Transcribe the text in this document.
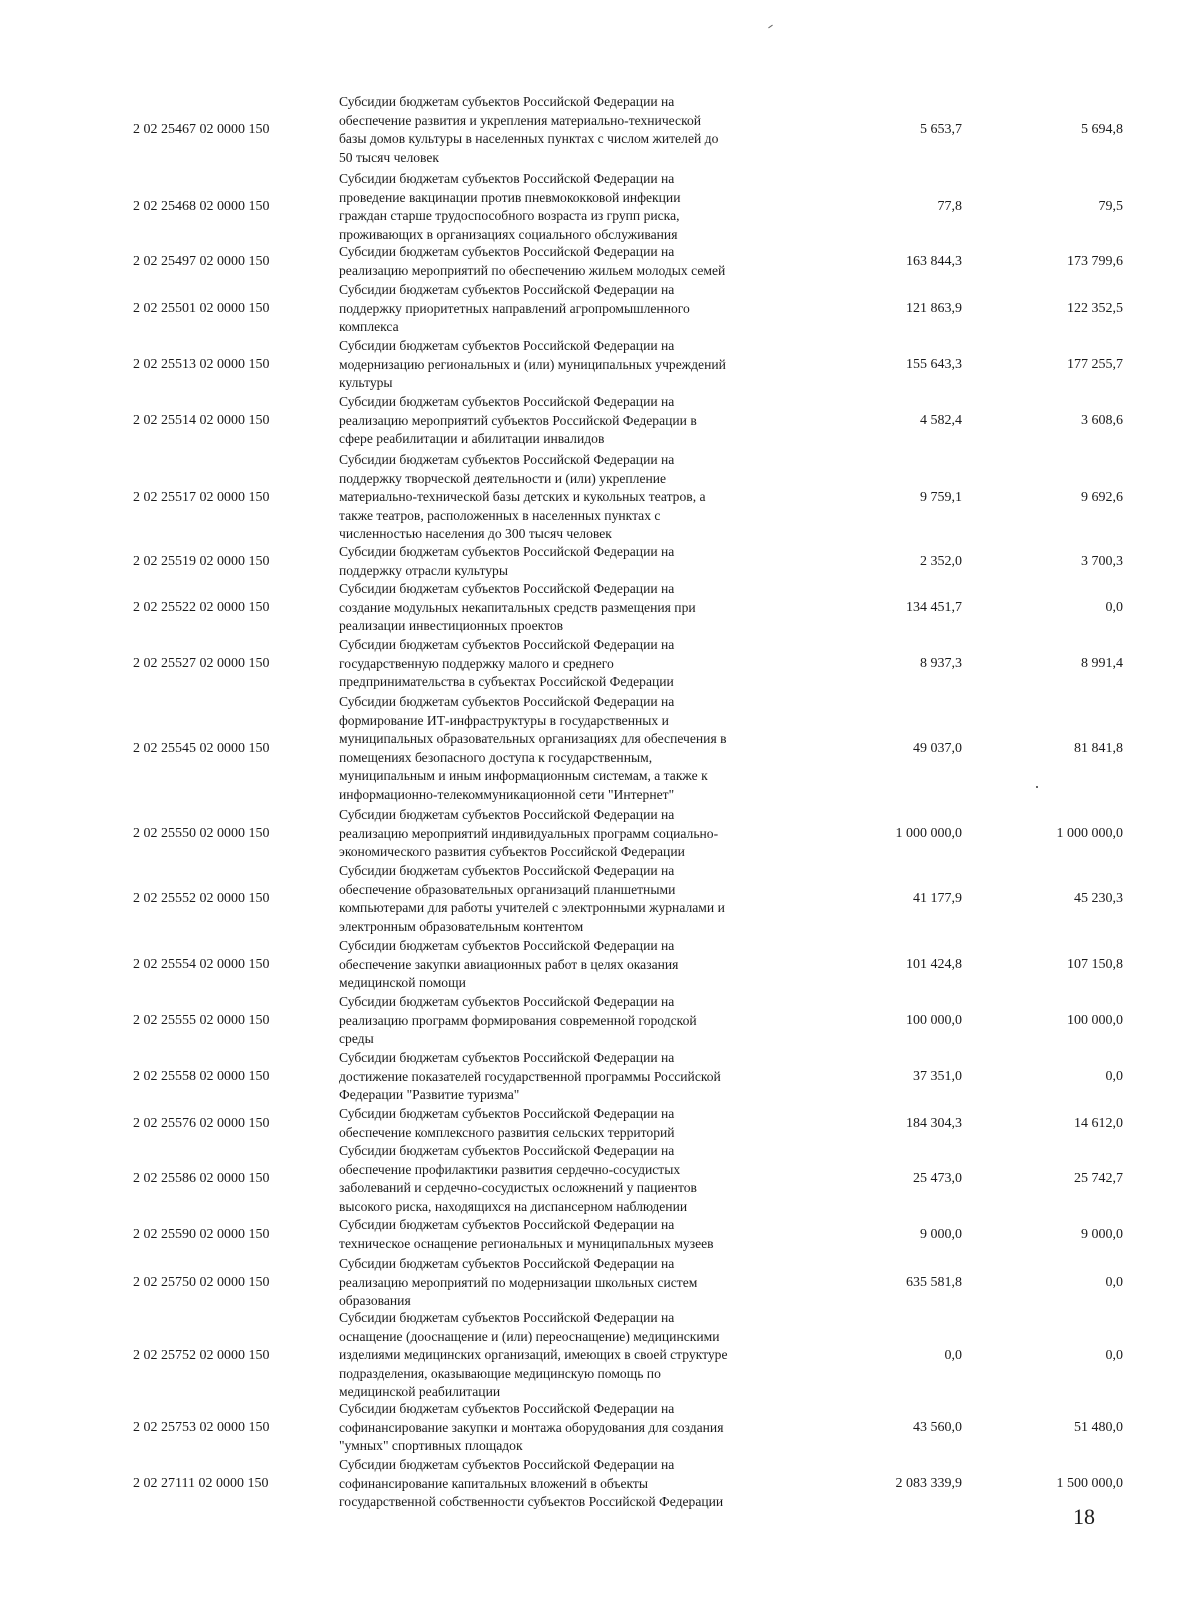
2 02 25467 02 0000 150
Субсидии бюджетам субъектов Российской Федерации на
обеспечение развития и укрепления материально-технической
базы домов культуры в населенных пунктах с числом жителей до
50 тысяч человек
5 653,7	5 694,8
2 02 25468 02 0000 150
Субсидии бюджетам субъектов Российской Федерации на
проведение вакцинации против пневмококковой инфекции
граждан старше трудоспособного возраста из групп риска,
проживающих в организациях социального обслуживания
77,8	79,5
2 02 25497 02 0000 150
Субсидии бюджетам субъектов Российской Федерации на
реализацию мероприятий по обеспечению жильем молодых семей
163 844,3	173 799,6
2 02 25501 02 0000 150
Субсидии бюджетам субъектов Российской Федерации на
поддержку приоритетных направлений агропромышленного
комплекса
121 863,9	122 352,5
2 02 25513 02 0000 150
Субсидии бюджетам субъектов Российской Федерации на
модернизацию региональных и (или) муниципальных учреждений
культуры
155 643,3	177 255,7
2 02 25514 02 0000 150
Субсидии бюджетам субъектов Российской Федерации на
реализацию мероприятий субъектов Российской Федерации в
сфере реабилитации и абилитации инвалидов
4 582,4	3 608,6
2 02 25517 02 0000 150
Субсидии бюджетам субъектов Российской Федерации на
поддержку творческой деятельности и (или) укрепление
материально-технической базы детских и кукольных театров, а
также театров, расположенных в населенных пунктах с
численностью населения до 300 тысяч человек
9 759,1	9 692,6
2 02 25519 02 0000 150
Субсидии бюджетам субъектов Российской Федерации на
поддержку отрасли культуры
2 352,0	3 700,3
2 02 25522 02 0000 150
Субсидии бюджетам субъектов Российской Федерации на
создание модульных некапитальных средств размещения при
реализации инвестиционных проектов
134 451,7	0,0
2 02 25527 02 0000 150
Субсидии бюджетам субъектов Российской Федерации на
государственную поддержку малого и среднего
предпринимательства в субъектах Российской Федерации
8 937,3	8 991,4
2 02 25545 02 0000 150
Субсидии бюджетам субъектов Российской Федерации на
формирование ИТ-инфраструктуры в государственных и
муниципальных образовательных организациях для обеспечения в
помещениях безопасного доступа к государственным,
муниципальным и иным информационным системам, а также к
информационно-телекоммуникационной сети "Интернет"
49 037,0	81 841,8
2 02 25550 02 0000 150
Субсидии бюджетам субъектов Российской Федерации на
реализацию мероприятий индивидуальных программ социально-
экономического развития субъектов Российской Федерации
1 000 000,0	1 000 000,0
2 02 25552 02 0000 150
Субсидии бюджетам субъектов Российской Федерации на
обеспечение образовательных организаций планшетными
компьютерами для работы учителей с электронными журналами и
электронным образовательным контентом
41 177,9	45 230,3
2 02 25554 02 0000 150
Субсидии бюджетам субъектов Российской Федерации на
обеспечение закупки авиационных работ в целях оказания
медицинской помощи
101 424,8	107 150,8
2 02 25555 02 0000 150
Субсидии бюджетам субъектов Российской Федерации на
реализацию программ формирования современной городской
среды
100 000,0	100 000,0
2 02 25558 02 0000 150
Субсидии бюджетам субъектов Российской Федерации на
достижение показателей государственной программы Российской
Федерации "Развитие туризма"
37 351,0	0,0
2 02 25576 02 0000 150
Субсидии бюджетам субъектов Российской Федерации на
обеспечение комплексного развития сельских территорий
184 304,3	14 612,0
2 02 25586 02 0000 150
Субсидии бюджетам субъектов Российской Федерации на
обеспечение профилактики развития сердечно-сосудистых
заболеваний и сердечно-сосудистых осложнений у пациентов
высокого риска, находящихся на диспансерном наблюдении
25 473,0	25 742,7
2 02 25590 02 0000 150
Субсидии бюджетам субъектов Российской Федерации на
техническое оснащение региональных и муниципальных музеев
9 000,0	9 000,0
2 02 25750 02 0000 150
Субсидии бюджетам субъектов Российской Федерации на
реализацию мероприятий по модернизации школьных систем
образования
635 581,8	0,0
2 02 25752 02 0000 150
Субсидии бюджетам субъектов Российской Федерации на
оснащение (дооснащение и (или) переоснащение) медицинскими
изделиями медицинских организаций, имеющих в своей структуре
подразделения, оказывающие медицинскую помощь по
медицинской реабилитации
0,0	0,0
2 02 25753 02 0000 150
Субсидии бюджетам субъектов Российской Федерации на
софинансирование закупки и монтажа оборудования для создания
"умных" спортивных площадок
43 560,0	51 480,0
2 02 27111 02 0000 150
Субсидии бюджетам субъектов Российской Федерации на
софинансирование капитальных вложений в объекты
государственной собственности субъектов Российской Федерации
2 083 339,9	1 500 000,0
18
